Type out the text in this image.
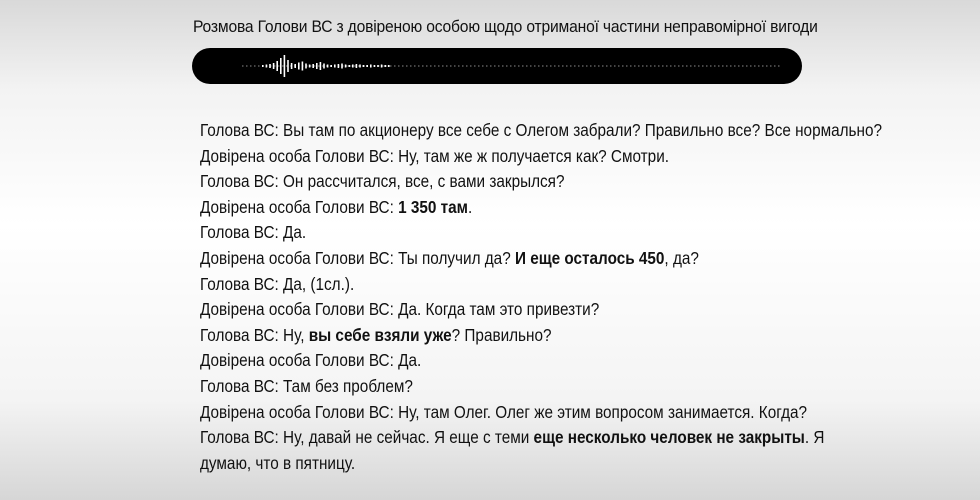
Розмова Голови ВС з довіреною особою щодо отриманої частини неправомірної вигоди
Голова ВС: Вы там по акционеру все себе с Олегом забрали? Правильно все? Все нормально?
Довірена особа Голови ВС: Ну, там же ж получается как? Смотри.
Голова ВС: Он рассчитался, все, с вами закрылся?
Довірена особа Голови ВС: 1 350 там.
Голова ВС: Да.
Довірена особа Голови ВС: Ты получил да? И еще осталось 450, да?
Голова ВС: Да, (1сл.).
Довірена особа Голови ВС: Да. Когда там это привезти?
Голова ВС: Ну, вы себе взяли уже? Правильно?
Довірена особа Голови ВС: Да.
Голова ВС: Там без проблем?
Довірена особа Голови ВС: Ну, там Олег. Олег же этим вопросом занимается. Когда?
Голова ВС: Ну, давай не сейчас. Я еще с теми еще несколько человек не закрыты. Я
думаю, что в пятницу.
